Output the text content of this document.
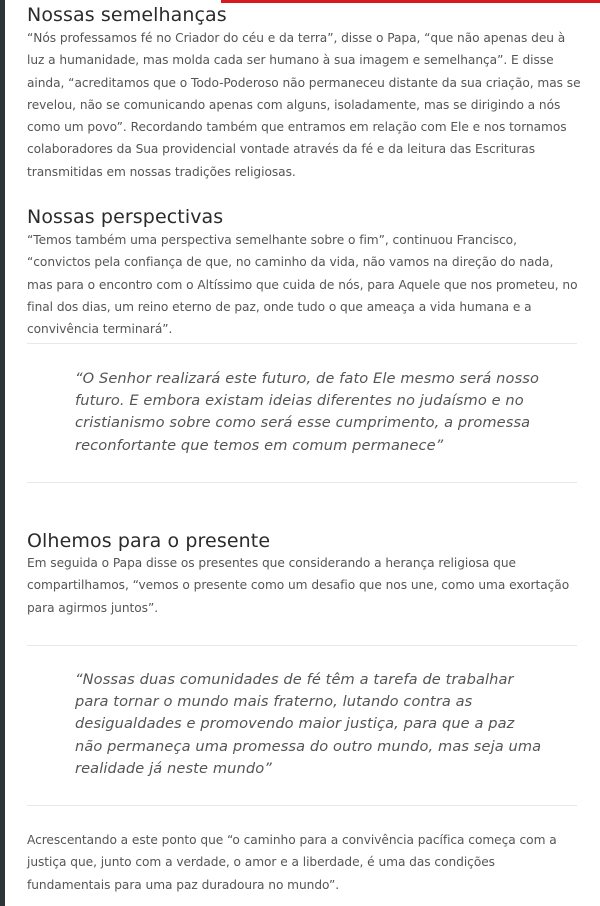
Nossas semelhanças

“Nós professamos fé no Criador do céu e da terra”, disse o Papa, “que não apenas deu à luz a humanidade, mas molda cada ser humano à sua imagem e semelhança”. E disse ainda, “acreditamos que o Todo-Poderoso não permaneceu distante da sua criação, mas se revelou, não se comunicando apenas com alguns, isoladamente, mas se dirigindo a nós como um povo”. Recordando também que entramos em relação com Ele e nos tornamos colaboradores da Sua providencial vontade através da fé e da leitura das Escrituras transmitidas em nossas tradições religiosas.

Nossas perspectivas

“Temos também uma perspectiva semelhante sobre o fim”, continuou Francisco, “convictos pela confiança de que, no caminho da vida, não vamos na direção do nada, mas para o encontro com o Altíssimo que cuida de nós, para Aquele que nos prometeu, no final dos dias, um reino eterno de paz, onde tudo o que ameaça a vida humana e a convivência terminará”.

“O Senhor realizará este futuro, de fato Ele mesmo será nosso futuro. E embora existam ideias diferentes no judaísmo e no cristianismo sobre como será esse cumprimento, a promessa reconfortante que temos em comum permanece”
Olhemos para o presente

Em seguida o Papa disse os presentes que considerando a herança religiosa que compartilhamos, “vemos o presente como um desafio que nos une, como uma exortação para agirmos juntos”.

“Nossas duas comunidades de fé têm a tarefa de trabalhar para tornar o mundo mais fraterno, lutando contra as desigualdades e promovendo maior justiça, para que a paz não permaneça uma promessa do outro mundo, mas seja uma realidade já neste mundo”

Acrescentando a este ponto que “o caminho para a convivência pacífica começa com a justiça que, junto com a verdade, o amor e a liberdade, é uma das condições fundamentais para uma paz duradoura no mundo”.
